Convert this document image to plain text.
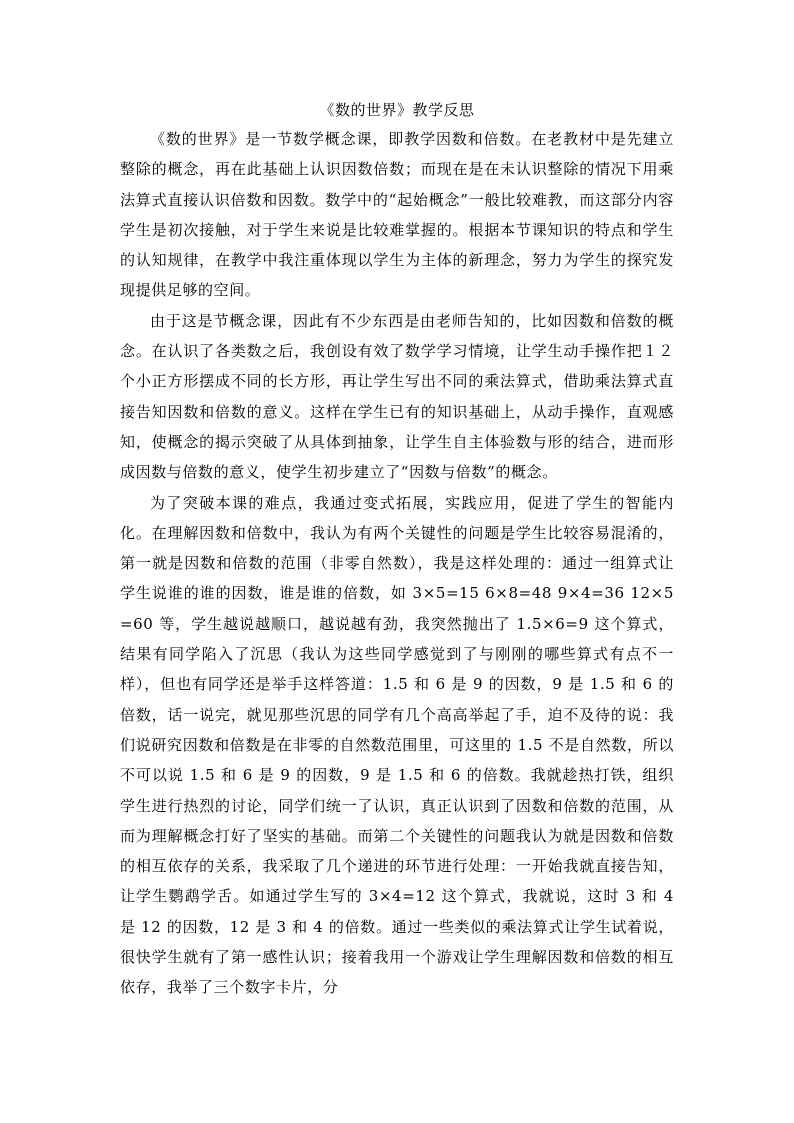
《数的世界》教学反思

《数的世界》是一节数学概念课，即教学因数和倍数。在老教材中是先建立整除的概念，再在此基础上认识因数倍数；而现在是在未认识整除的情况下用乘法算式直接认识倍数和因数。数学中的“起始概念”一般比较难教，而这部分内容学生是初次接触，对于学生来说是比较难掌握的。根据本节课知识的特点和学生的认知规律，在教学中我注重体现以学生为主体的新理念，努力为学生的探究发现提供足够的空间。

由于这是节概念课，因此有不少东西是由老师告知的，比如因数和倍数的概念。在认识了各类数之后，我创设有效了数学学习情境，让学生动手操作把１２个小正方形摆成不同的长方形，再让学生写出不同的乘法算式，借助乘法算式直接告知因数和倍数的意义。这样在学生已有的知识基础上，从动手操作，直观感知，使概念的揭示突破了从具体到抽象，让学生自主体验数与形的结合，进而形成因数与倍数的意义，使学生初步建立了“因数与倍数”的概念。

为了突破本课的难点，我通过变式拓展，实践应用，促进了学生的智能内化。在理解因数和倍数中，我认为有两个关键性的问题是学生比较容易混淆的，第一就是因数和倍数的范围（非零自然数），我是这样处理的：通过一组算式让学生说谁的谁的因数，谁是谁的倍数，如 3×5=15 6×8=48 9×4=36 12×5=60 等，学生越说越顺口，越说越有劲，我突然抛出了 1.5×6=9 这个算式，结果有同学陷入了沉思（我认为这些同学感觉到了与刚刚的哪些算式有点不一样），但也有同学还是举手这样答道：1.5 和 6 是 9 的因数，9 是 1.5 和 6 的倍数，话一说完，就见那些沉思的同学有几个高高举起了手，迫不及待的说：我们说研究因数和倍数是在非零的自然数范围里，可这里的 1.5 不是自然数，所以不可以说 1.5 和 6 是 9 的因数，9 是 1.5 和 6 的倍数。我就趁热打铁，组织学生进行热烈的讨论，同学们统一了认识，真正认识到了因数和倍数的范围，从而为理解概念打好了坚实的基础。而第二个关键性的问题我认为就是因数和倍数的相互依存的关系，我采取了几个递进的环节进行处理：一开始我就直接告知，让学生鹦鹉学舌。如通过学生写的 3×4=12 这个算式，我就说，这时 3 和 4 是 12 的因数，12 是 3 和 4 的倍数。通过一些类似的乘法算式让学生试着说，很快学生就有了第一感性认识；接着我用一个游戏让学生理解因数和倍数的相互依存，我举了三个数字卡片，分
